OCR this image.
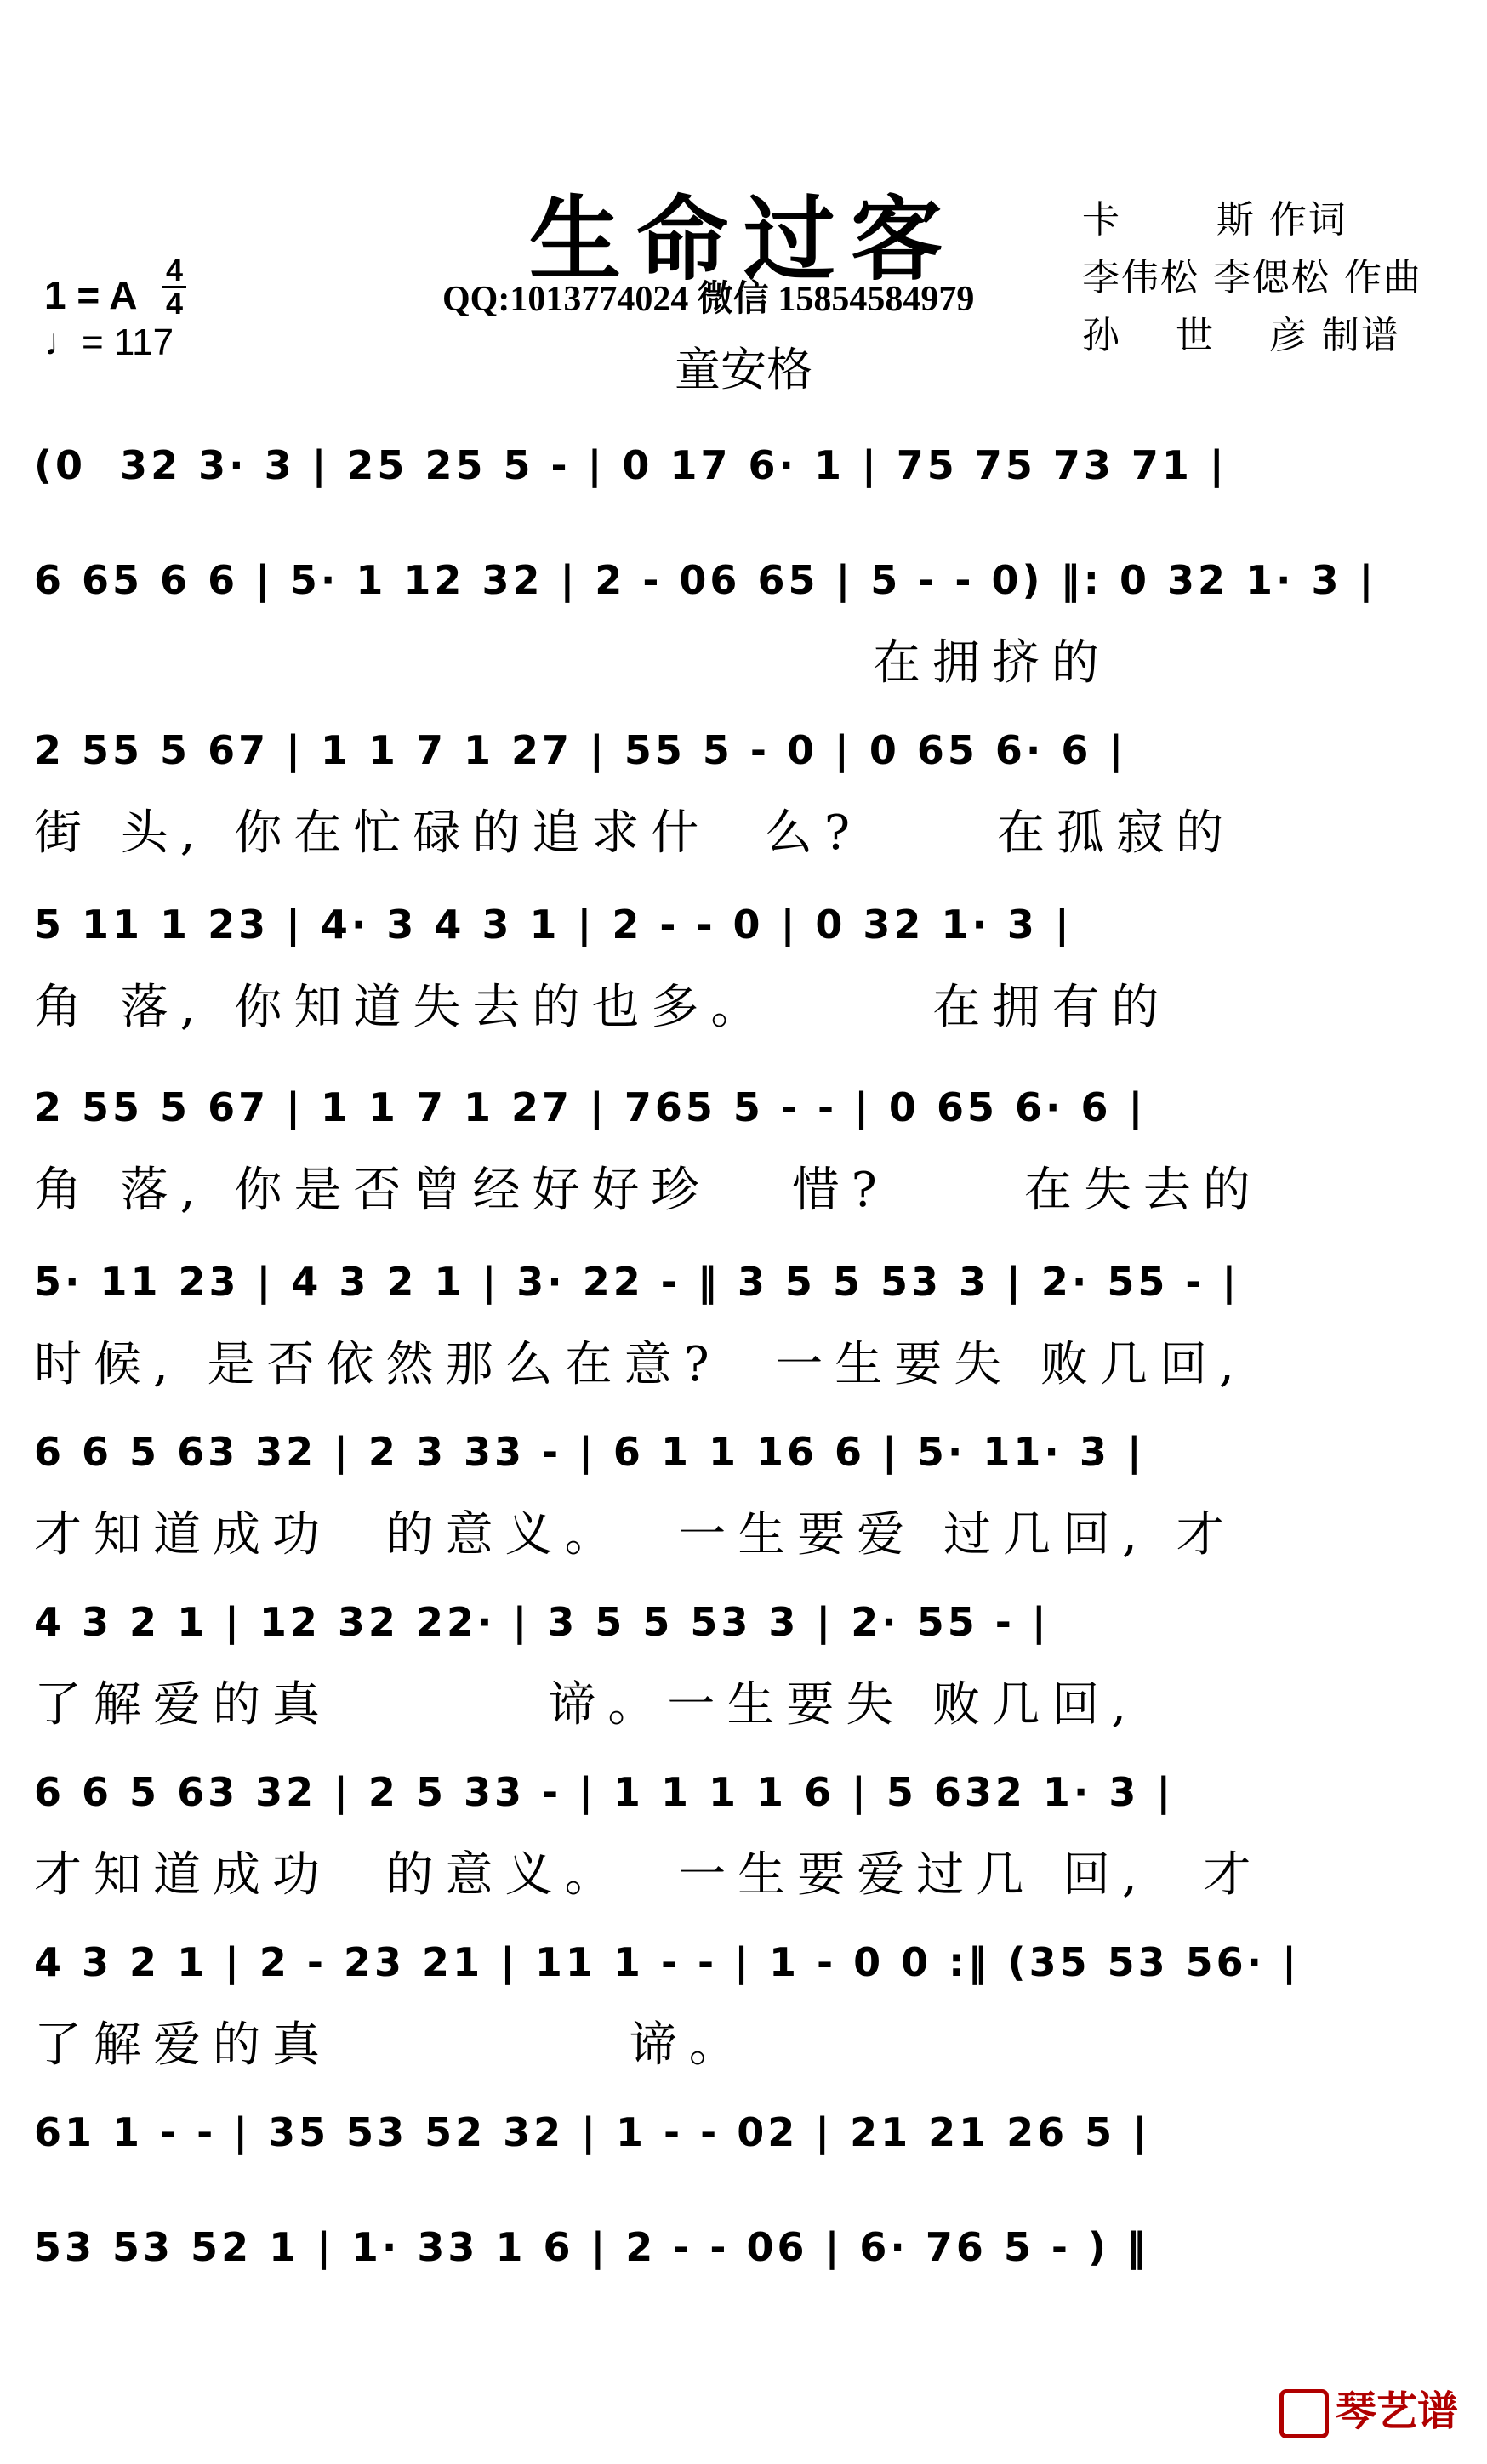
生命过客
QQ:1013774024 微信 15854584979
童安格
卡       斯 作词
李伟松 李偲松 作曲
孙    世    彦 制谱
1 = A
4
4
♩= 117
(0  32 3· 3 | 25 25 5 - | 0 17 6· 1 | 75 75 73 71 |
6 65 6 6 | 5· 1 12 32 | 2 - 06 65 | 5 - - 0) ‖: 0 32 1· 3 |
在拥挤的
2 55 5 67 | 1 1 7 1 27 | 55 5 - 0 | 0 65 6· 6 |
街 头, 你在忙碌的追求什  么?     在孤寂的
5 11 1 23 | 4· 3 4 3 1 | 2 - - 0 | 0 32 1· 3 |
角 落, 你知道失去的也多。      在拥有的
2 55 5 67 | 1 1 7 1 27 | 765 5 - - | 0 65 6· 6 |
角 落, 你是否曾经好好珍   惜?     在失去的
5· 11 23 | 4 3 2 1 | 3· 22 - ‖ 3 5 5 53 3 | 2· 55 - |
时候, 是否依然那么在意?  一生要失 败几回,
6 6 5 63 32 | 2 3 33 - | 6 1 1 16 6 | 5· 11· 3 |
才知道成功  的意义。  一生要爱 过几回, 才
4 3 2 1 | 12 32 22· | 3 5 5 53 3 | 2· 55 - |
了解爱的真        谛。一生要失 败几回,
6 6 5 63 32 | 2 5 33 - | 1 1 1 1 6 | 5 632 1· 3 |
才知道成功  的意义。  一生要爱过几 回,  才
4 3 2 1 | 2 - 23 21 | 11 1 - - | 1 - 0 0 :‖ (35 53 56· |
了解爱的真           谛。
61 1 - - | 35 53 52 32 | 1 - - 02 | 21 21 26 5 |
53 53 52 1 | 1· 33 1 6 | 2 - - 06 | 6· 76 5 - ) ‖
琴艺谱
